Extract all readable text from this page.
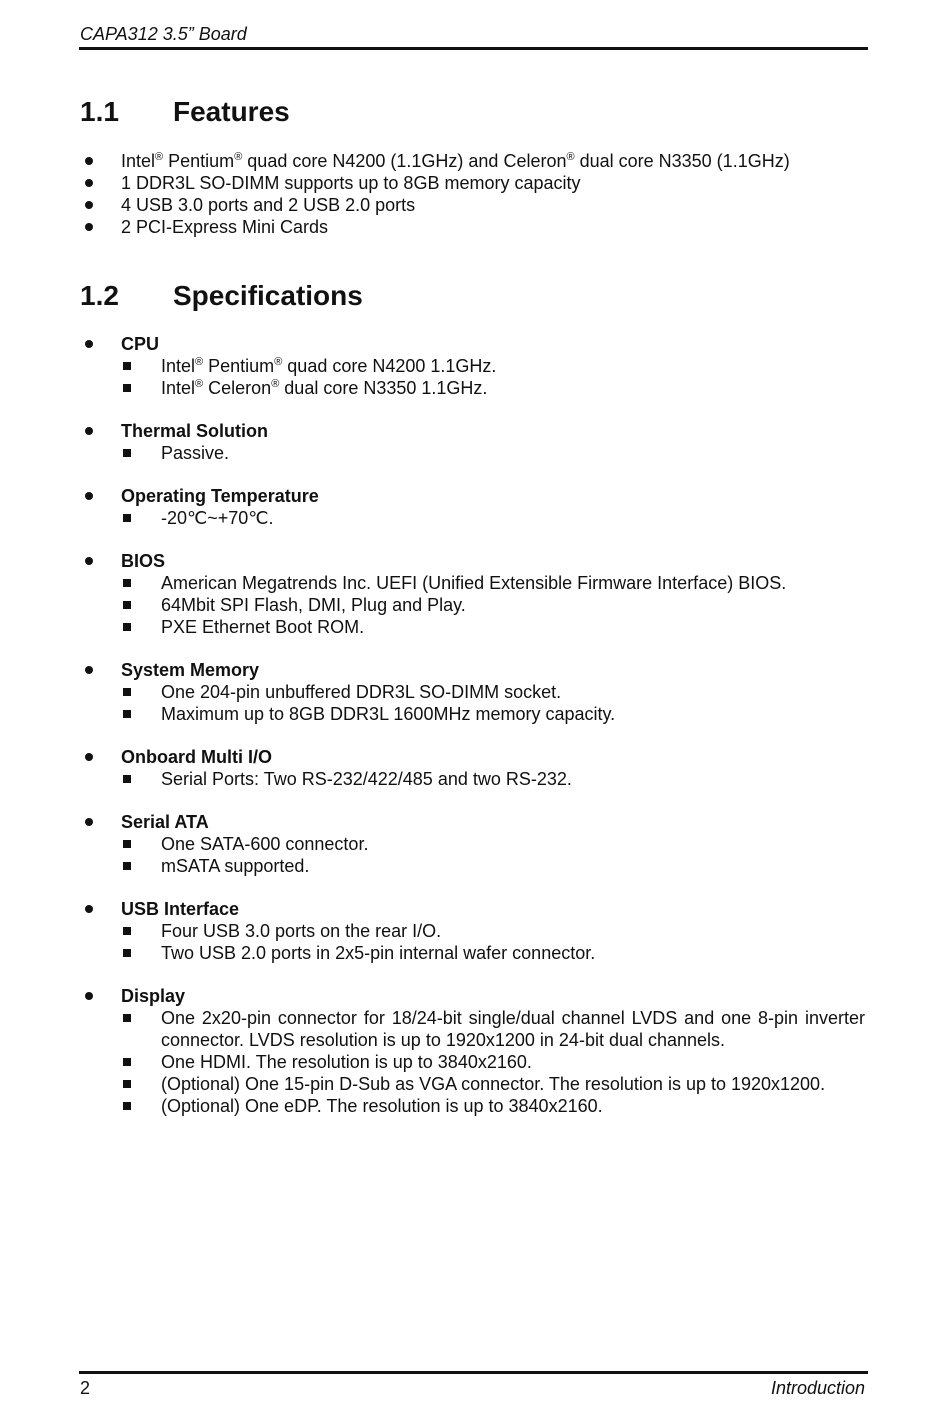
CAPA312 3.5” Board
1.1 Features
Intel® Pentium® quad core N4200 (1.1GHz) and Celeron® dual core N3350 (1.1GHz)
1 DDR3L SO-DIMM supports up to 8GB memory capacity
4 USB 3.0 ports and 2 USB 2.0 ports
2 PCI-Express Mini Cards
1.2 Specifications
CPU
Intel® Pentium® quad core N4200 1.1GHz.
Intel® Celeron® dual core N3350 1.1GHz.
Thermal Solution
Passive.
Operating Temperature
-20℃~+70℃.
BIOS
American Megatrends Inc. UEFI (Unified Extensible Firmware Interface) BIOS.
64Mbit SPI Flash, DMI, Plug and Play.
PXE Ethernet Boot ROM.
System Memory
One 204-pin unbuffered DDR3L SO-DIMM socket.
Maximum up to 8GB DDR3L 1600MHz memory capacity.
Onboard Multi I/O
Serial Ports: Two RS-232/422/485 and two RS-232.
Serial ATA
One SATA-600 connector.
mSATA supported.
USB Interface
Four USB 3.0 ports on the rear I/O.
Two USB 2.0 ports in 2x5-pin internal wafer connector.
Display
One 2x20-pin connector for 18/24-bit single/dual channel LVDS and one 8-pin inverter connector. LVDS resolution is up to 1920x1200 in 24-bit dual channels.
One HDMI. The resolution is up to 3840x2160.
(Optional) One 15-pin D-Sub as VGA connector. The resolution is up to 1920x1200.
(Optional) One eDP. The resolution is up to 3840x2160.
2	Introduction
